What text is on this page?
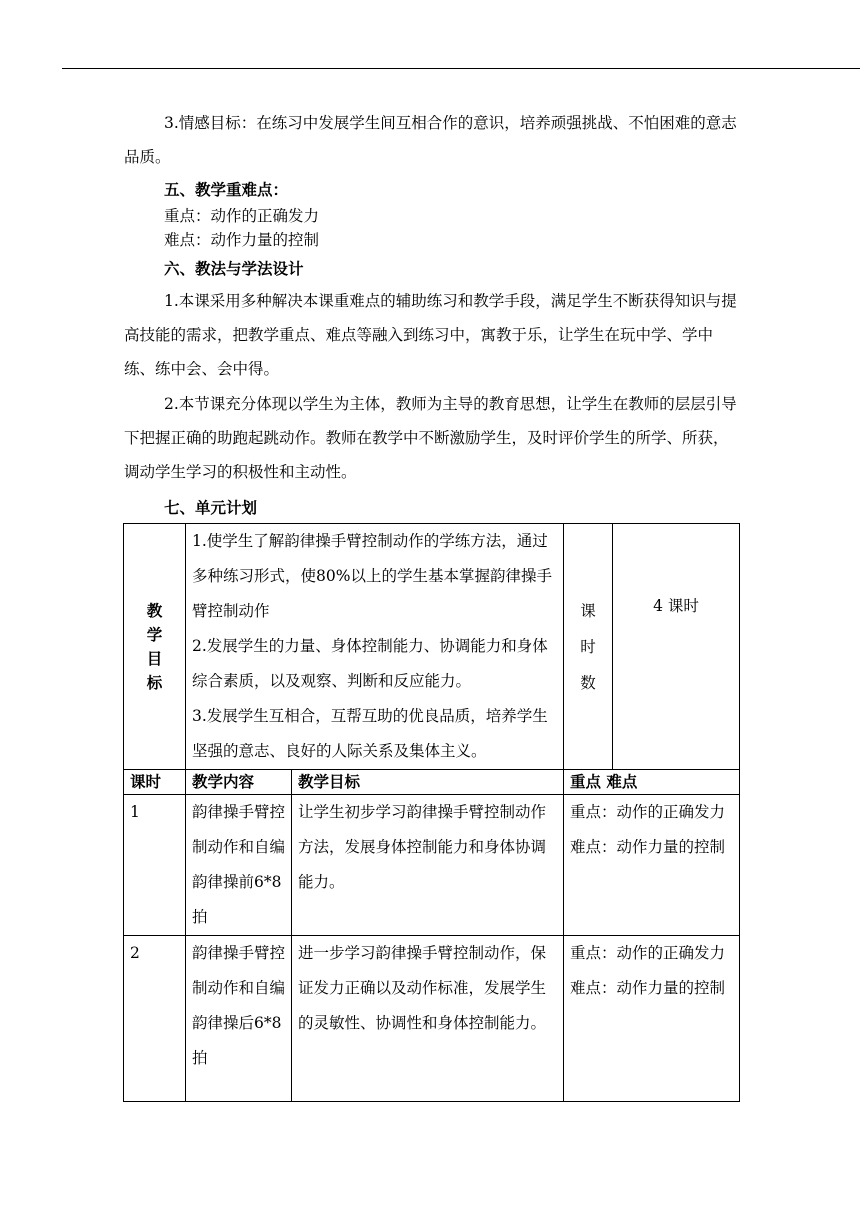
3.情感目标：在练习中发展学生间互相合作的意识，培养顽强挑战、不怕困难的意志品质。

五、教学重难点：

重点：动作的正确发力

难点：动作力量的控制

六、教法与学法设计

1.本课采用多种解决本课重难点的辅助练习和教学手段，满足学生不断获得知识与提高技能的需求，把教学重点、难点等融入到练习中，寓教于乐，让学生在玩中学、学中练、练中会、会中得。

2.本节课充分体现以学生为主体，教师为主导的教育思想，让学生在教师的层层引导下把握正确的助跑起跳动作。教师在教学中不断激励学生，及时评价学生的所学、所获，调动学生学习的积极性和主动性。

七、单元计划

教学目标	1.使学生了解韵律操手臂控制动作的学练方法，通过多种练习形式，使80%以上的学生基本掌握韵律操手臂控制动作
2.发展学生的力量、身体控制能力、协调能力和身体综合素质，以及观察、判断和反应能力。
3.发展学生互相合，互帮互助的优良品质，培养学生坚强的意志、良好的人际关系及集体主义。		课时数	4 课时
课时	教学内容	教学目标	重点 难点	
1	韵律操手臂控制动作和自编韵律操前6*8拍	让学生初步学习韵律操手臂控制动作方法，发展身体控制能力和身体协调能力。	重点：动作的正确发力
难点：动作力量的控制	

2	韵律操手臂控制动作和自编韵律操后6*8拍	进一步学习韵律操手臂控制动作，保证发力正确以及动作标准，发展学生的灵敏性、协调性和身体控制能力。	重点：动作的正确发力
难点：动作力量的控制	
